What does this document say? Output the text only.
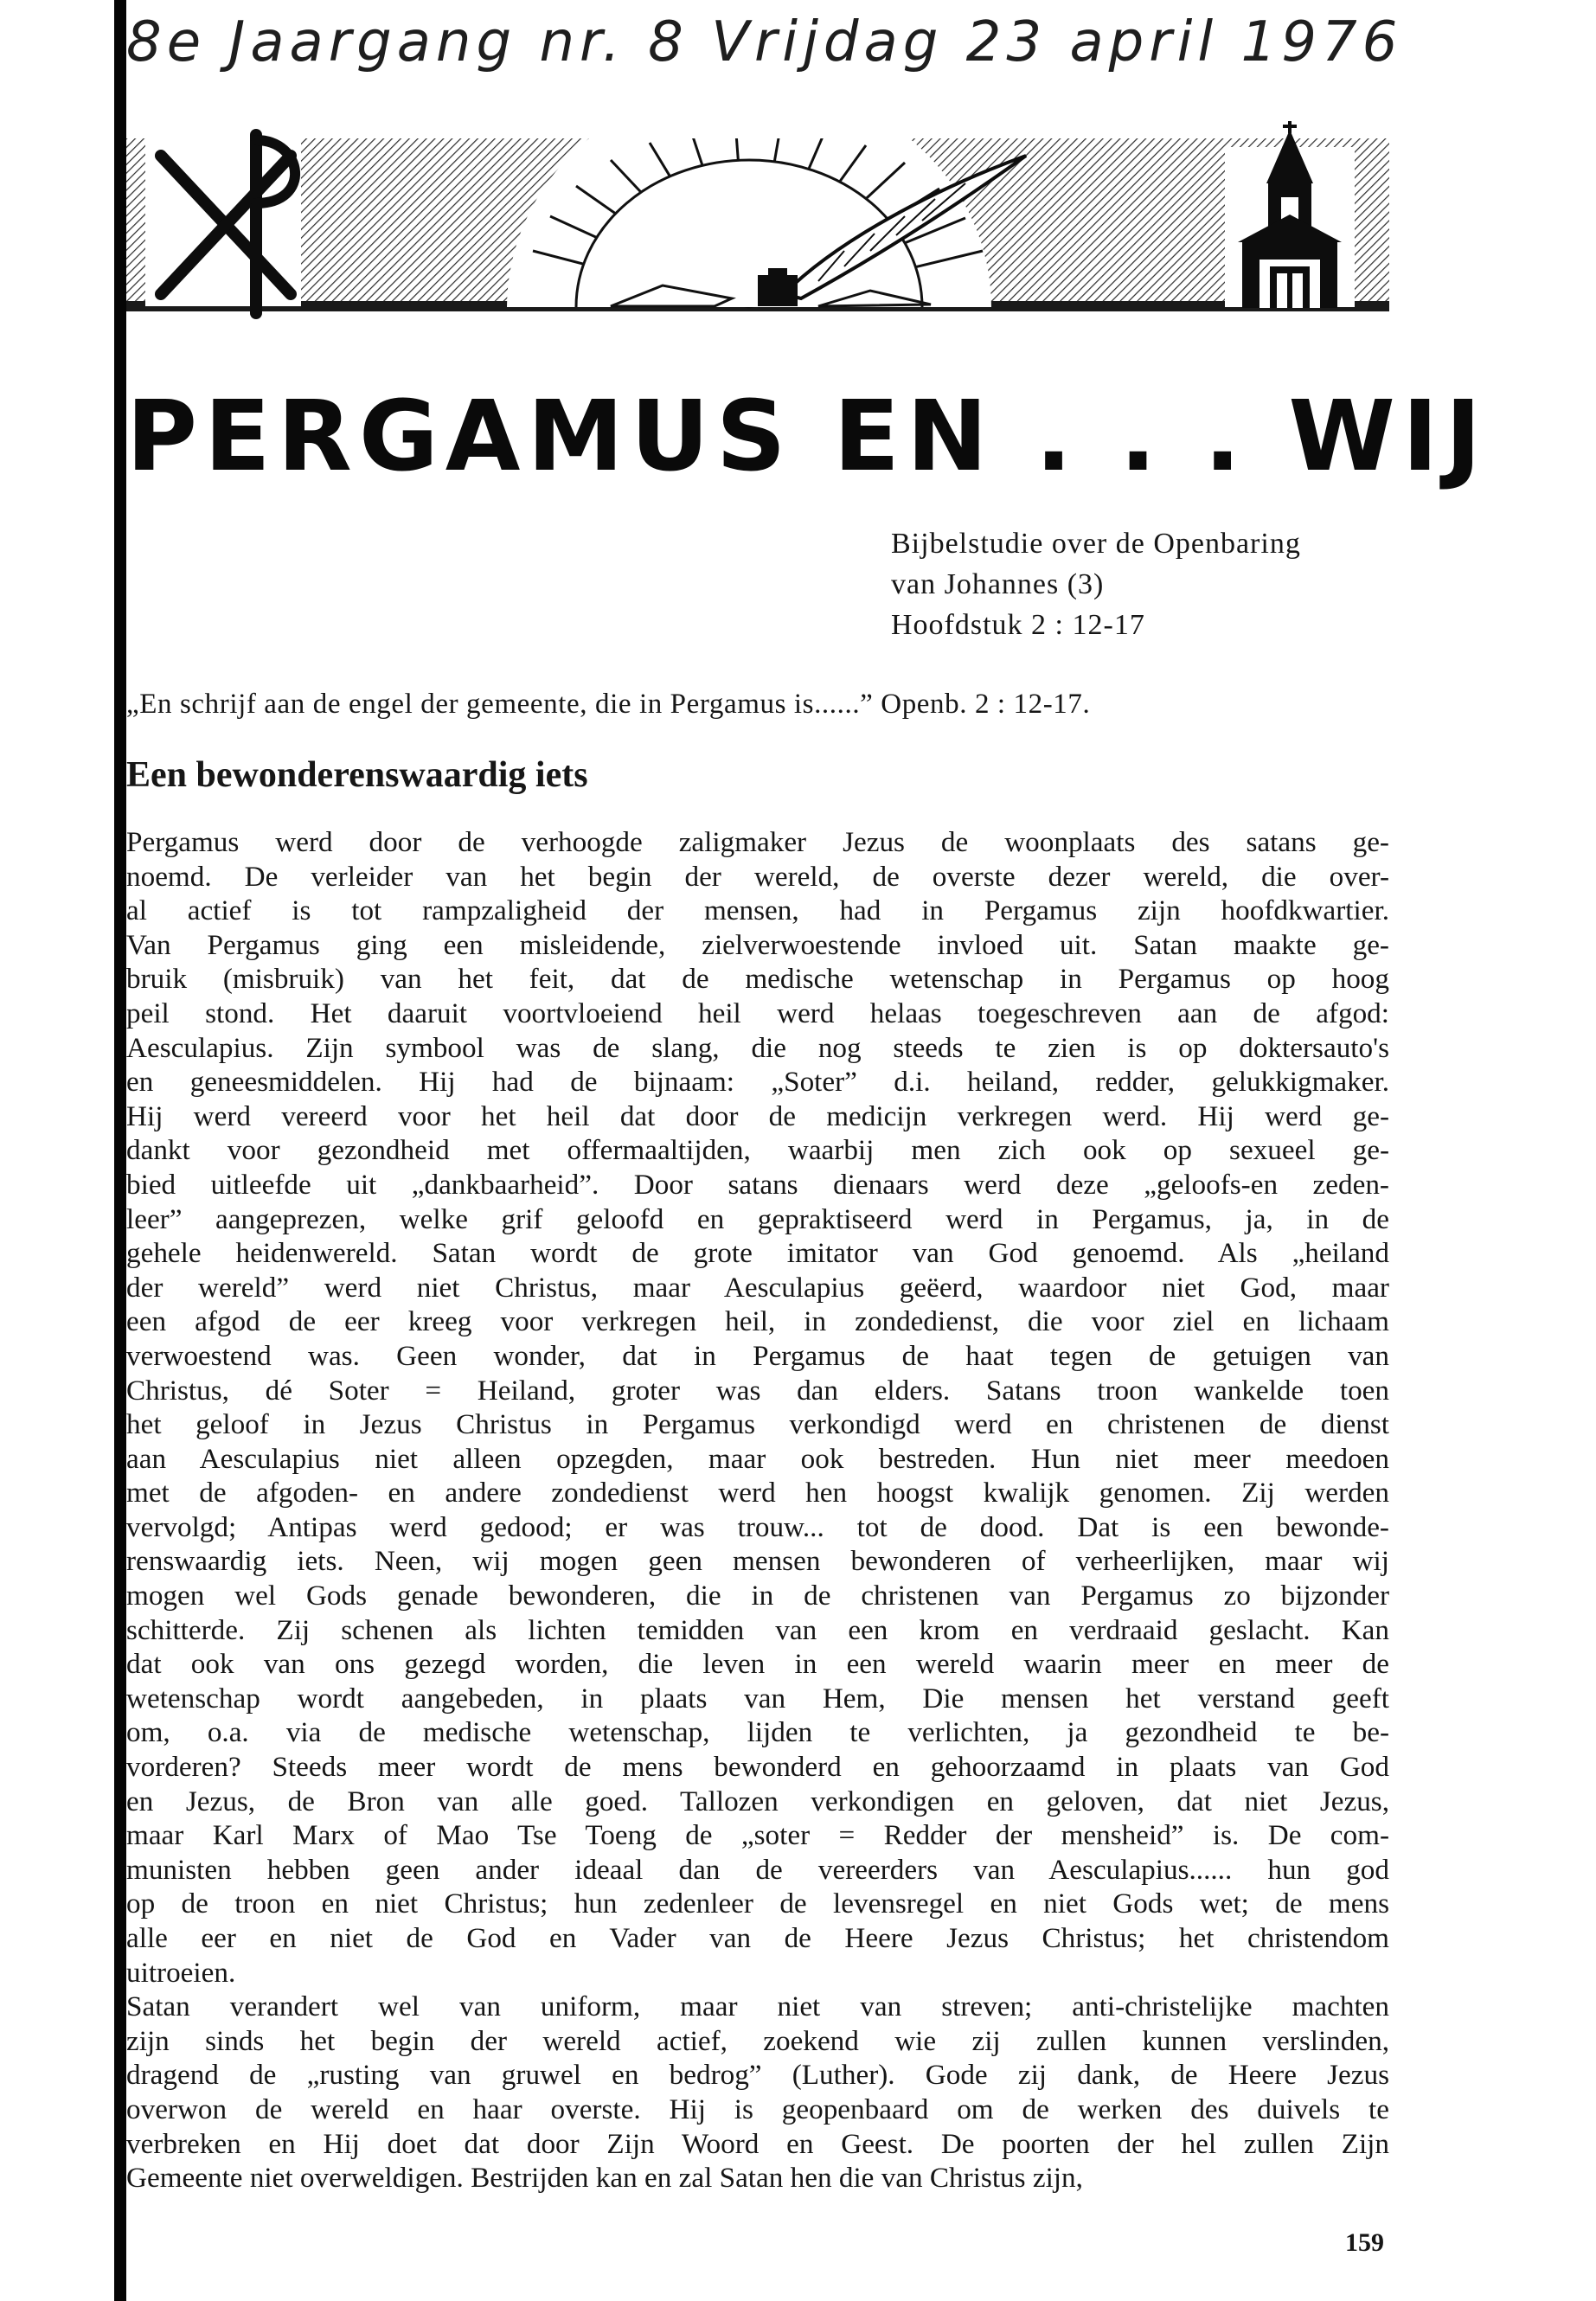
8e Jaargang nr. 8 Vrijdag 23 april 1976
PERGAMUS EN . . . WIJ
Bijbelstudie over de Openbaring
van Johannes (3)
Hoofdstuk 2 : 12-17
„En schrijf aan de engel der gemeente, die in Pergamus is......” Openb. 2 : 12-17.
Een bewonderenswaardig iets
Pergamus werd door de verhoogde zaligmaker Jezus de woonplaats des satans ge-
noemd. De verleider van het begin der wereld, de overste dezer wereld, die over-
al actief is tot rampzaligheid der mensen, had in Pergamus zijn hoofdkwartier.
Van Pergamus ging een misleidende, zielverwoestende invloed uit. Satan maakte ge-
bruik (misbruik) van het feit, dat de medische wetenschap in Pergamus op hoog
peil stond. Het daaruit voortvloeiend heil werd helaas toegeschreven aan de afgod:
Aesculapius. Zijn symbool was de slang, die nog steeds te zien is op doktersauto's
en geneesmiddelen. Hij had de bijnaam: „Soter” d.i. heiland, redder, gelukkigmaker.
Hij werd vereerd voor het heil dat door de medicijn verkregen werd. Hij werd ge-
dankt voor gezondheid met offermaaltijden, waarbij men zich ook op sexueel ge-
bied uitleefde uit „dankbaarheid”. Door satans dienaars werd deze „geloofs-en zeden-
leer” aangeprezen, welke grif geloofd en gepraktiseerd werd in Pergamus, ja, in de
gehele heidenwereld. Satan wordt de grote imitator van God genoemd. Als „heiland
der wereld” werd niet Christus, maar Aesculapius geëerd, waardoor niet God, maar
een afgod de eer kreeg voor verkregen heil, in zondedienst, die voor ziel en lichaam
verwoestend was. Geen wonder, dat in Pergamus de haat tegen de getuigen van
Christus, dé Soter = Heiland, groter was dan elders. Satans troon wankelde toen
het geloof in Jezus Christus in Pergamus verkondigd werd en christenen de dienst
aan Aesculapius niet alleen opzegden, maar ook bestreden. Hun niet meer meedoen
met de afgoden- en andere zondedienst werd hen hoogst kwalijk genomen. Zij werden
vervolgd; Antipas werd gedood; er was trouw... tot de dood. Dat is een bewonde-
renswaardig iets. Neen, wij mogen geen mensen bewonderen of verheerlijken, maar wij
mogen wel Gods genade bewonderen, die in de christenen van Pergamus zo bijzonder
schitterde. Zij schenen als lichten temidden van een krom en verdraaid geslacht. Kan
dat ook van ons gezegd worden, die leven in een wereld waarin meer en meer de
wetenschap wordt aangebeden, in plaats van Hem, Die mensen het verstand geeft
om, o.a. via de medische wetenschap, lijden te verlichten, ja gezondheid te be-
vorderen? Steeds meer wordt de mens bewonderd en gehoorzaamd in plaats van God
en Jezus, de Bron van alle goed. Tallozen verkondigen en geloven, dat niet Jezus,
maar Karl Marx of Mao Tse Toeng de „soter = Redder der mensheid” is. De com-
munisten hebben geen ander ideaal dan de vereerders van Aesculapius...... hun god
op de troon en niet Christus; hun zedenleer de levensregel en niet Gods wet; de mens
alle eer en niet de God en Vader van de Heere Jezus Christus; het christendom
uitroeien.
Satan verandert wel van uniform, maar niet van streven; anti-christelijke machten
zijn sinds het begin der wereld actief, zoekend wie zij zullen kunnen verslinden,
dragend de „rusting van gruwel en bedrog” (Luther). Gode zij dank, de Heere Jezus
overwon de wereld en haar overste. Hij is geopenbaard om de werken des duivels te
verbreken en Hij doet dat door Zijn Woord en Geest. De poorten der hel zullen Zijn
Gemeente niet overweldigen. Bestrijden kan en zal Satan hen die van Christus zijn,
159
